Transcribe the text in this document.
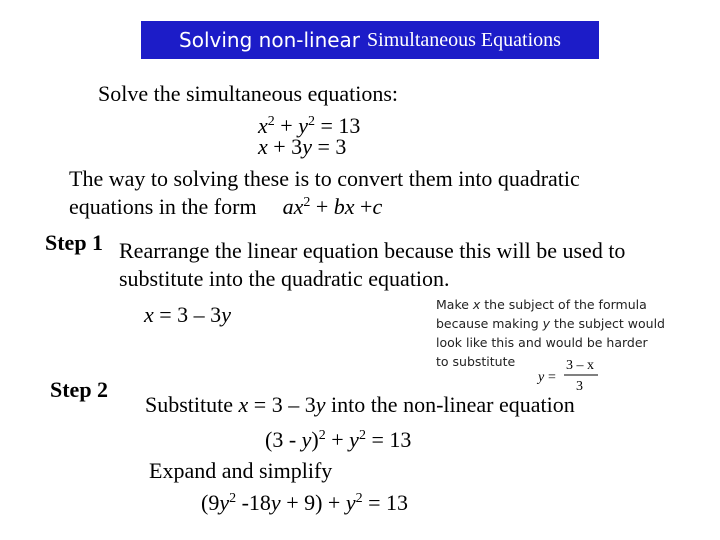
Solving non-linear Simultaneous Equations
Solve the simultaneous equations:
$x^2 + y^2 = 13$
x + 3y = 3
The way to solving these is to convert them into quadratic
equations in the form $ax^2$ + bx +c
Step 1 Rearrange the linear equation because this will be used to
substitute into the quadratic equation.
x = 3 – 3y	Make x the subject of the formula
because making y the subject would
look like this and would be harder
to substitute
y =
3 – x
3
Step 2
Substitute x = 3 – 3y into the non-linear equation
$(3 - y)^2 + y^2 = 13$
Expand and simplify
($9y^2$ $-18y + 9) + y^2 = 13$
